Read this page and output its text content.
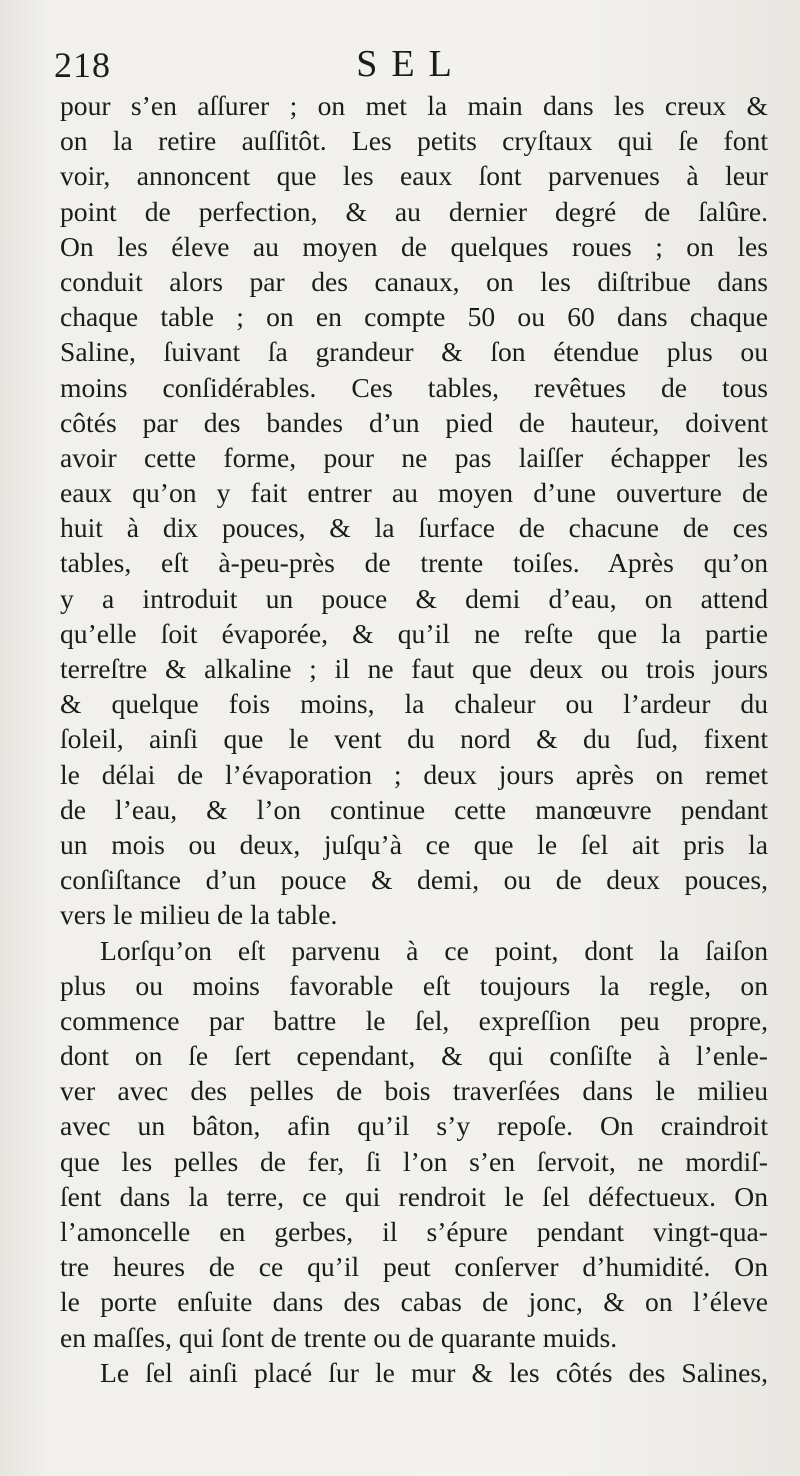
218	SEL
pour s’en aſſurer ; on met la main dans les creux &
on la retire auſſitôt. Les petits cryſtaux qui ſe font
voir, annoncent que les eaux ſont parvenues à leur
point de perfection, & au dernier degré de ſalûre.
On les éleve au moyen de quelques roues ; on les
conduit alors par des canaux, on les diſtribue dans
chaque table ; on en compte 50 ou 60 dans chaque
Saline, ſuivant ſa grandeur & ſon étendue plus ou
moins conſidérables. Ces tables, revêtues de tous
côtés par des bandes d’un pied de hauteur, doivent
avoir cette forme, pour ne pas laiſſer échapper les
eaux qu’on y fait entrer au moyen d’une ouverture de
huit à dix pouces, & la ſurface de chacune de ces
tables, eſt à-peu-près de trente toiſes. Après qu’on
y a introduit un pouce & demi d’eau, on attend
qu’elle ſoit évaporée, & qu’il ne reſte que la partie
terreſtre & alkaline ; il ne faut que deux ou trois jours
& quelque fois moins, la chaleur ou l’ardeur du
ſoleil, ainſi que le vent du nord & du ſud, fixent
le délai de l’évaporation ; deux jours après on remet
de l’eau, & l’on continue cette manœuvre pendant
un mois ou deux, juſqu’à ce que le ſel ait pris la
conſiſtance d’un pouce & demi, ou de deux pouces,
vers le milieu de la table.
Lorſqu’on eſt parvenu à ce point, dont la ſaiſon
plus ou moins favorable eſt toujours la regle, on
commence par battre le ſel, expreſſion peu propre,
dont on ſe ſert cependant, & qui conſiſte à l’enle-
ver avec des pelles de bois traverſées dans le milieu
avec un bâton, afin qu’il s’y repoſe. On craindroit
que les pelles de fer, ſi l’on s’en ſervoit, ne mordiſ-
ſent dans la terre, ce qui rendroit le ſel défectueux. On
l’amoncelle en gerbes, il s’épure pendant vingt-qua-
tre heures de ce qu’il peut conſerver d’humidité. On
le porte enſuite dans des cabas de jonc, & on l’éleve
en maſſes, qui ſont de trente ou de quarante muids.
Le ſel ainſi placé ſur le mur & les côtés des Salines,
